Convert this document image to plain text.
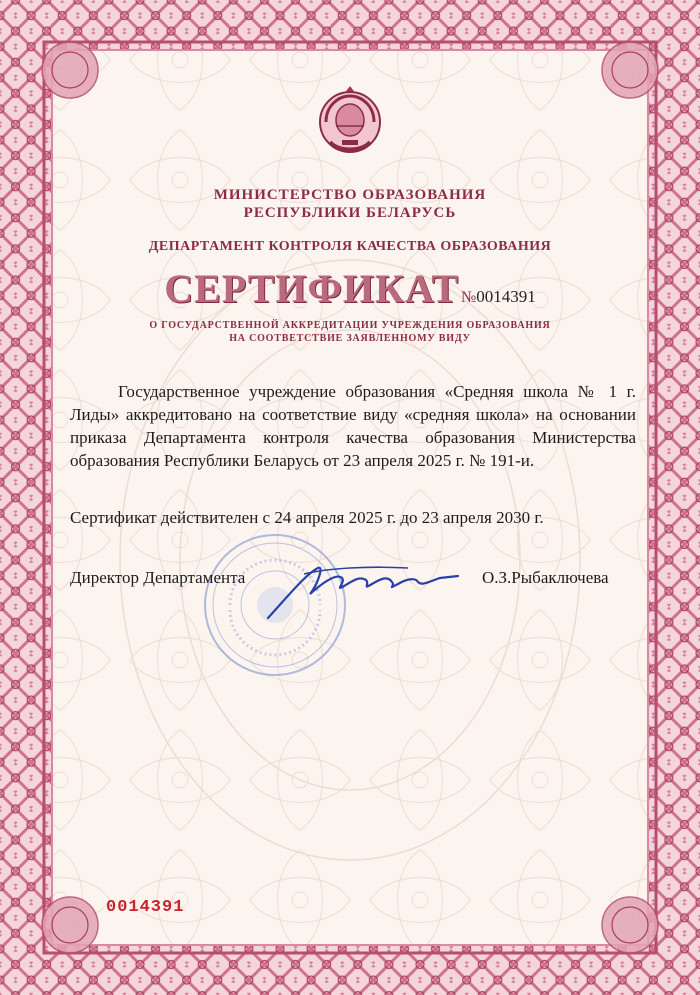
МИНИСТЕРСТВО ОБРАЗОВАНИЯ
РЕСПУБЛИКИ БЕЛАРУСЬ
ДЕПАРТАМЕНТ КОНТРОЛЯ КАЧЕСТВА ОБРАЗОВАНИЯ
СЕРТИФИКАТ №0014391
О ГОСУДАРСТВЕННОЙ АККРЕДИТАЦИИ УЧРЕЖДЕНИЯ ОБРАЗОВАНИЯ
НА СООТВЕТСТВИЕ ЗАЯВЛЕННОМУ ВИДУ
Государственное учреждение образования «Средняя школа № 1 г. Лиды» аккредитовано на соответствие виду «средняя школа» на основании приказа Департамента контроля качества образования Министерства образования Республики Беларусь от 23 апреля 2025 г. № 191-и.
Сертификат действителен с 24 апреля 2025 г. до 23 апреля 2030 г.
Директор Департамента	О.З.Рыбаключева
0014391
